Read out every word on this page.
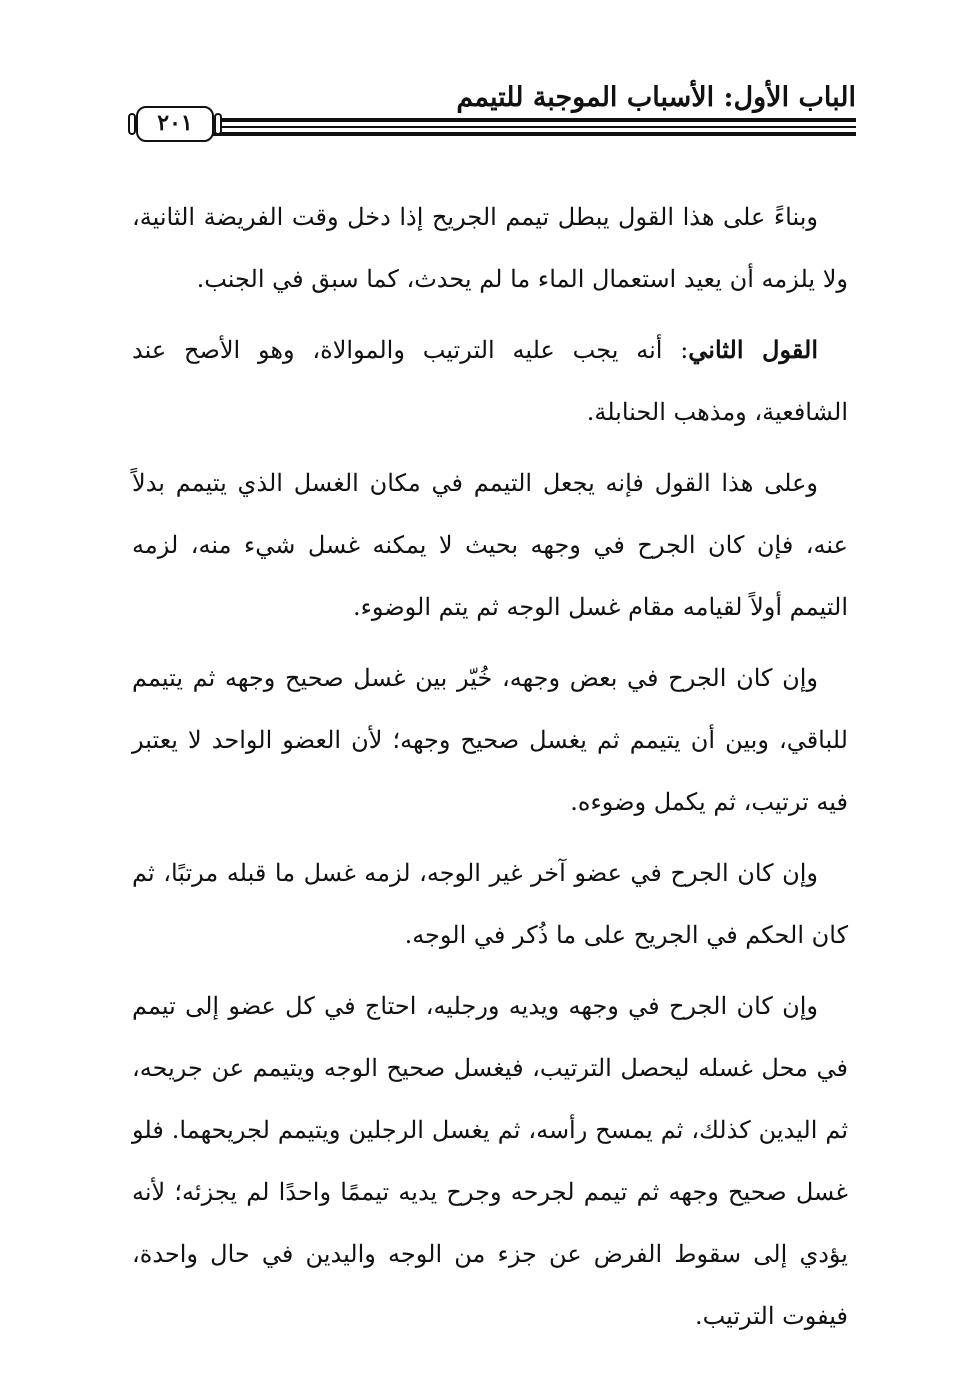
الباب الأول: الأسباب الموجبة للتيمم
٢٠١

وبناءً على هذا القول يبطل تيمم الجريح إذا دخل وقت الفريضة الثانية، ولا يلزمه أن يعيد استعمال الماء ما لم يحدث، كما سبق في الجنب.

القول الثاني: أنه يجب عليه الترتيب والموالاة، وهو الأصح عند الشافعية، ومذهب الحنابلة.

وعلى هذا القول فإنه يجعل التيمم في مكان الغسل الذي يتيمم بدلاً عنه، فإن كان الجرح في وجهه بحيث لا يمكنه غسل شيء منه، لزمه التيمم أولاً لقيامه مقام غسل الوجه ثم يتم الوضوء.

وإن كان الجرح في بعض وجهه، خُيّر بين غسل صحيح وجهه ثم يتيمم للباقي، وبين أن يتيمم ثم يغسل صحيح وجهه؛ لأن العضو الواحد لا يعتبر فيه ترتيب، ثم يكمل وضوءه.

وإن كان الجرح في عضو آخر غير الوجه، لزمه غسل ما قبله مرتبًا، ثم كان الحكم في الجريح على ما ذُكر في الوجه.

وإن كان الجرح في وجهه ويديه ورجليه، احتاج في كل عضو إلى تيمم في محل غسله ليحصل الترتيب، فيغسل صحيح الوجه ويتيمم عن جريحه، ثم اليدين كذلك، ثم يمسح رأسه، ثم يغسل الرجلين ويتيمم لجريحهما. فلو غسل صحيح وجهه ثم تيمم لجرحه وجرح يديه تيممًا واحدًا لم يجزئه؛ لأنه يؤدي إلى سقوط الفرض عن جزء من الوجه واليدين في حال واحدة، فيفوت الترتيب.
